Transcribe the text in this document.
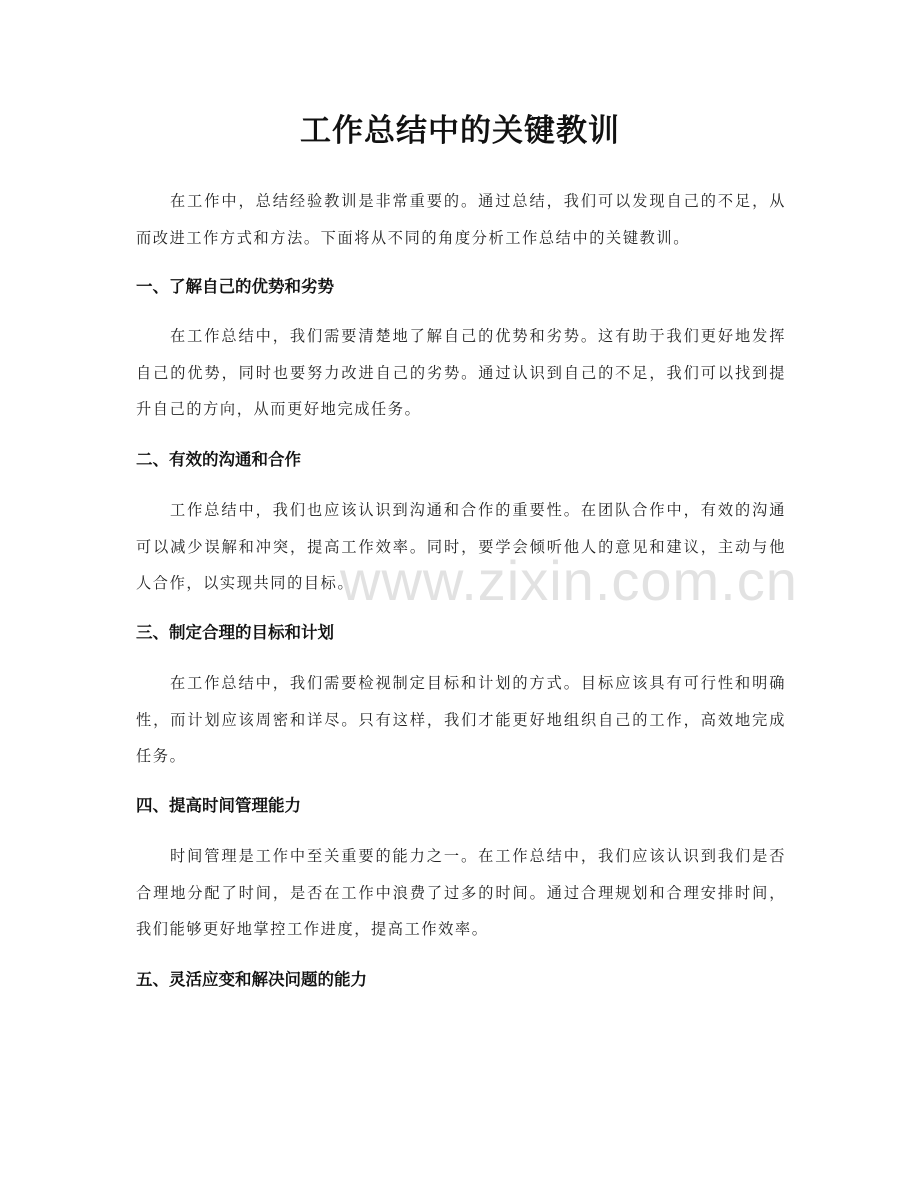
工作总结中的关键教训

在工作中，总结经验教训是非常重要的。通过总结，我们可以发现自己的不足，从而改进工作方式和方法。下面将从不同的角度分析工作总结中的关键教训。

一、了解自己的优势和劣势

在工作总结中，我们需要清楚地了解自己的优势和劣势。这有助于我们更好地发挥自己的优势，同时也要努力改进自己的劣势。通过认识到自己的不足，我们可以找到提升自己的方向，从而更好地完成任务。

二、有效的沟通和合作

工作总结中，我们也应该认识到沟通和合作的重要性。在团队合作中，有效的沟通可以减少误解和冲突，提高工作效率。同时，要学会倾听他人的意见和建议，主动与他人合作，以实现共同的目标。

三、制定合理的目标和计划

在工作总结中，我们需要检视制定目标和计划的方式。目标应该具有可行性和明确性，而计划应该周密和详尽。只有这样，我们才能更好地组织自己的工作，高效地完成任务。

四、提高时间管理能力

时间管理是工作中至关重要的能力之一。在工作总结中，我们应该认识到我们是否合理地分配了时间，是否在工作中浪费了过多的时间。通过合理规划和合理安排时间，我们能够更好地掌控工作进度，提高工作效率。

五、灵活应变和解决问题的能力
www.zixin.com.cn
